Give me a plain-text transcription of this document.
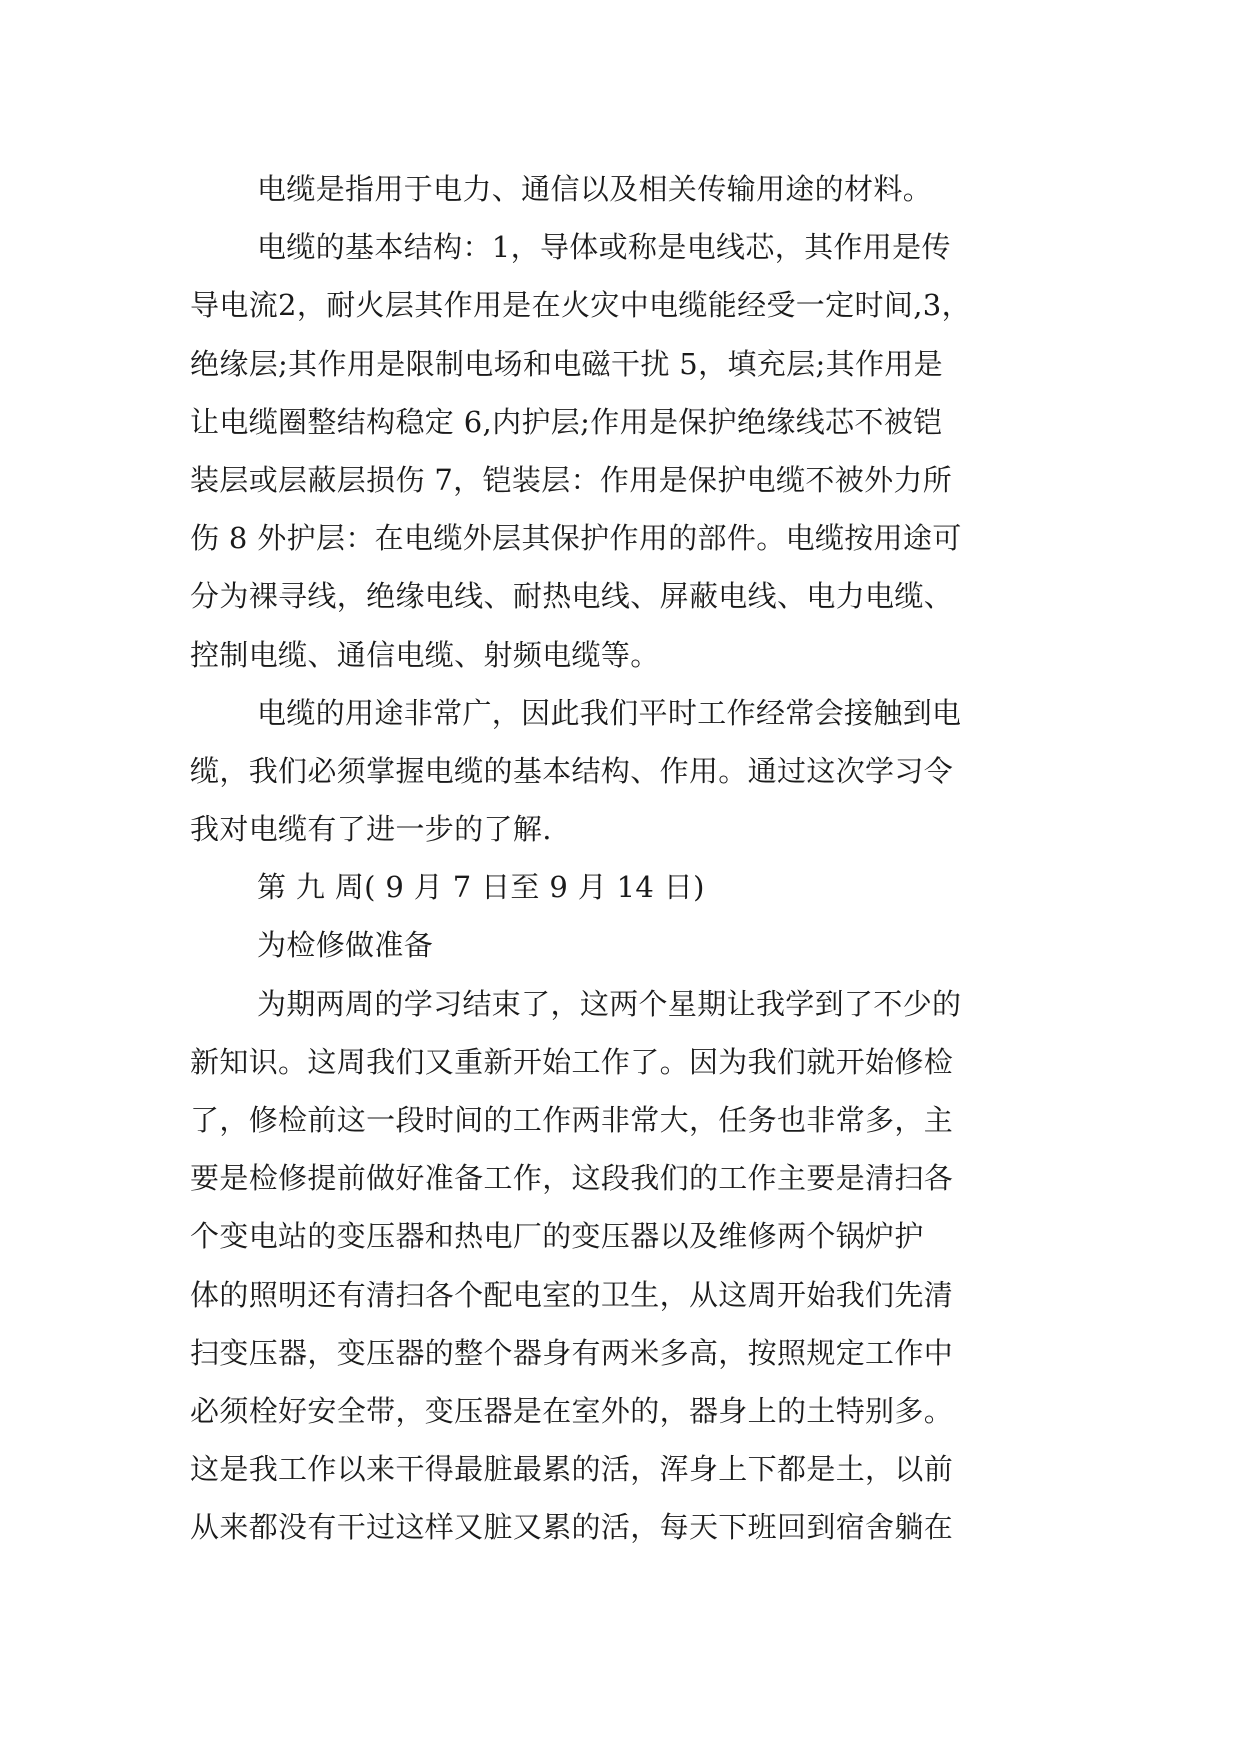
电缆是指用于电力、通信以及相关传输用途的材料。
电缆的基本结构：1，导体或称是电线芯，其作用是传
导电流2，耐火层其作用是在火灾中电缆能经受一定时间,3，
绝缘层;其作用是限制电场和电磁干扰 5，填充层;其作用是
让电缆圈整结构稳定 6,内护层;作用是保护绝缘线芯不被铠
装层或层蔽层损伤 7，铠装层：作用是保护电缆不被外力所
伤 8 外护层：在电缆外层其保护作用的部件。电缆按用途可
分为裸寻线，绝缘电线、耐热电线、屏蔽电线、电力电缆、
控制电缆、通信电缆、射频电缆等。
电缆的用途非常广，因此我们平时工作经常会接触到电
缆，我们必须掌握电缆的基本结构、作用。通过这次学习令
我对电缆有了进一步的了解.
第 九 周( 9 月 7 日至 9 月 14 日)
为检修做准备
为期两周的学习结束了，这两个星期让我学到了不少的
新知识。这周我们又重新开始工作了。因为我们就开始修检
了，修检前这一段时间的工作两非常大，任务也非常多，主
要是检修提前做好准备工作，这段我们的工作主要是清扫各
个变电站的变压器和热电厂的变压器以及维修两个锅炉护
体的照明还有清扫各个配电室的卫生，从这周开始我们先清
扫变压器，变压器的整个器身有两米多高，按照规定工作中
必须栓好安全带，变压器是在室外的，器身上的土特别多。
这是我工作以来干得最脏最累的活，浑身上下都是土，以前
从来都没有干过这样又脏又累的活，每天下班回到宿舍躺在
